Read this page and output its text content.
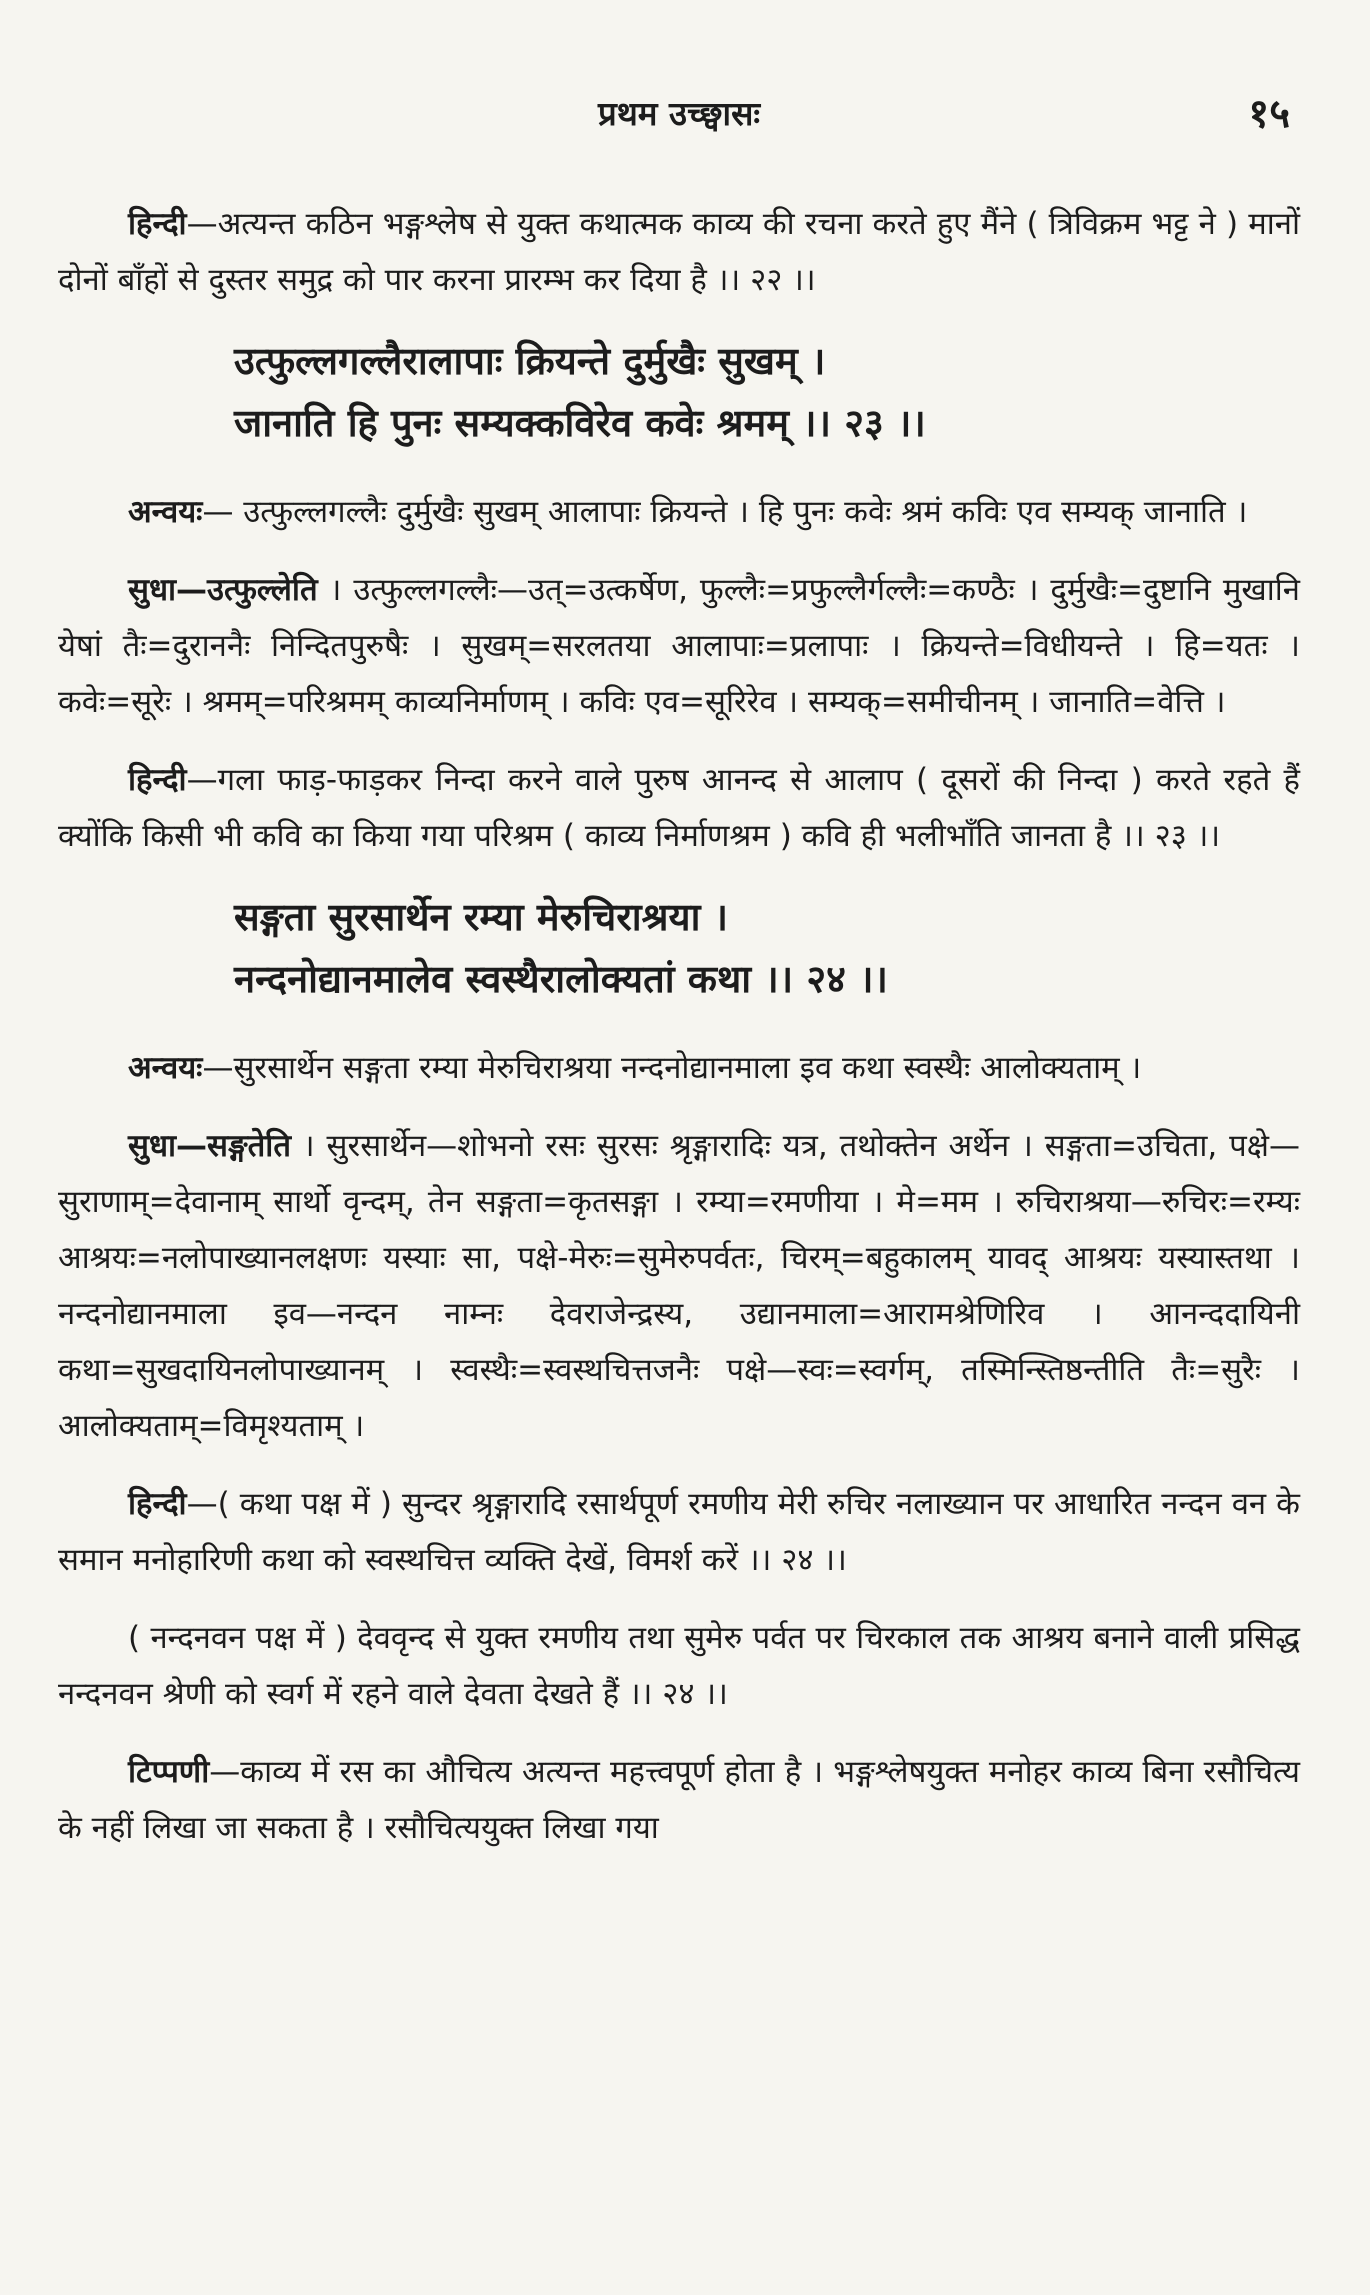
प्रथम उच्छ्वासः	१५

हिन्दी—अत्यन्त कठिन भङ्गश्लेष से युक्त कथात्मक काव्य की रचना करते हुए मैंने ( त्रिविक्रम भट्ट ने ) मानों दोनों बाँहों से दुस्तर समुद्र को पार करना प्रारम्भ कर दिया है ।। २२ ।।

उत्फुल्लगल्लैरालापाः क्रियन्ते दुर्मुखैः सुखम् ।
जानाति हि पुनः सम्यक्कविरेव कवेः श्रमम् ।। २३ ।।

अन्वयः— उत्फुल्लगल्लैः दुर्मुखैः सुखम् आलापाः क्रियन्ते । हि पुनः कवेः श्रमं कविः एव सम्यक् जानाति ।

सुधा—उत्फुल्लेति । उत्फुल्लगल्लैः—उत्=उत्कर्षेण, फुल्लैः=प्रफुल्लैर्गल्लैः=कण्ठैः । दुर्मुखैः=दुष्टानि मुखानि येषां तैः=दुराननैः निन्दितपुरुषैः । सुखम्=सरलतया आलापाः=प्रलापाः । क्रियन्ते=विधीयन्ते । हि=यतः । कवेः=सूरेः । श्रमम्=परिश्रमम् काव्यनिर्माणम् । कविः एव=सूरिरेव । सम्यक्=समीचीनम् । जानाति=वेत्ति ।

हिन्दी—गला फाड़-फाड़कर निन्दा करने वाले पुरुष आनन्द से आलाप ( दूसरों की निन्दा ) करते रहते हैं क्योंकि किसी भी कवि का किया गया परिश्रम ( काव्य निर्माणश्रम ) कवि ही भलीभाँति जानता है ।। २३ ।।

सङ्गता सुरसार्थेन रम्या मेरुचिराश्रया ।
नन्दनोद्यानमालेव स्वस्थैरालोक्यतां कथा ।। २४ ।।

अन्वयः—सुरसार्थेन सङ्गता रम्या मेरुचिराश्रया नन्दनोद्यानमाला इव कथा स्वस्थैः आलोक्यताम् ।

सुधा—सङ्गतेति । सुरसार्थेन—शोभनो रसः सुरसः श्रृङ्गारादिः यत्र, तथोक्तेन अर्थेन । सङ्गता=उचिता, पक्षे—सुराणाम्=देवानाम् सार्थो वृन्दम्, तेन सङ्गता=कृतसङ्गा । रम्या=रमणीया । मे=मम । रुचिराश्रया—रुचिरः=रम्यः आश्रयः=नलोपाख्यानलक्षणः यस्याः सा, पक्षे-मेरुः=सुमेरुपर्वतः, चिरम्=बहुकालम् यावद् आश्रयः यस्यास्तथा । नन्दनोद्यानमाला इव—नन्दन नाम्नः देवराजेन्द्रस्य, उद्यानमाला=आरामश्रेणिरिव । आनन्ददायिनी कथा=सुखदायिनलोपाख्यानम् । स्वस्थैः=स्वस्थचित्तजनैः पक्षे—स्वः=स्वर्गम्, तस्मिन्स्तिष्ठन्तीति तैः=सुरैः । आलोक्यताम्=विमृश्यताम् ।

हिन्दी—( कथा पक्ष में ) सुन्दर श्रृङ्गारादि रसार्थपूर्ण रमणीय मेरी रुचिर नलाख्यान पर आधारित नन्दन वन के समान मनोहारिणी कथा को स्वस्थचित्त व्यक्ति देखें, विमर्श करें ।। २४ ।।

( नन्दनवन पक्ष में ) देववृन्द से युक्त रमणीय तथा सुमेरु पर्वत पर चिरकाल तक आश्रय बनाने वाली प्रसिद्ध नन्दनवन श्रेणी को स्वर्ग में रहने वाले देवता देखते हैं ।। २४ ।।

टिप्पणी—काव्य में रस का औचित्य अत्यन्त महत्त्वपूर्ण होता है । भङ्गश्लेषयुक्त मनोहर काव्य बिना रसौचित्य के नहीं लिखा जा सकता है । रसौचित्ययुक्त लिखा गया
